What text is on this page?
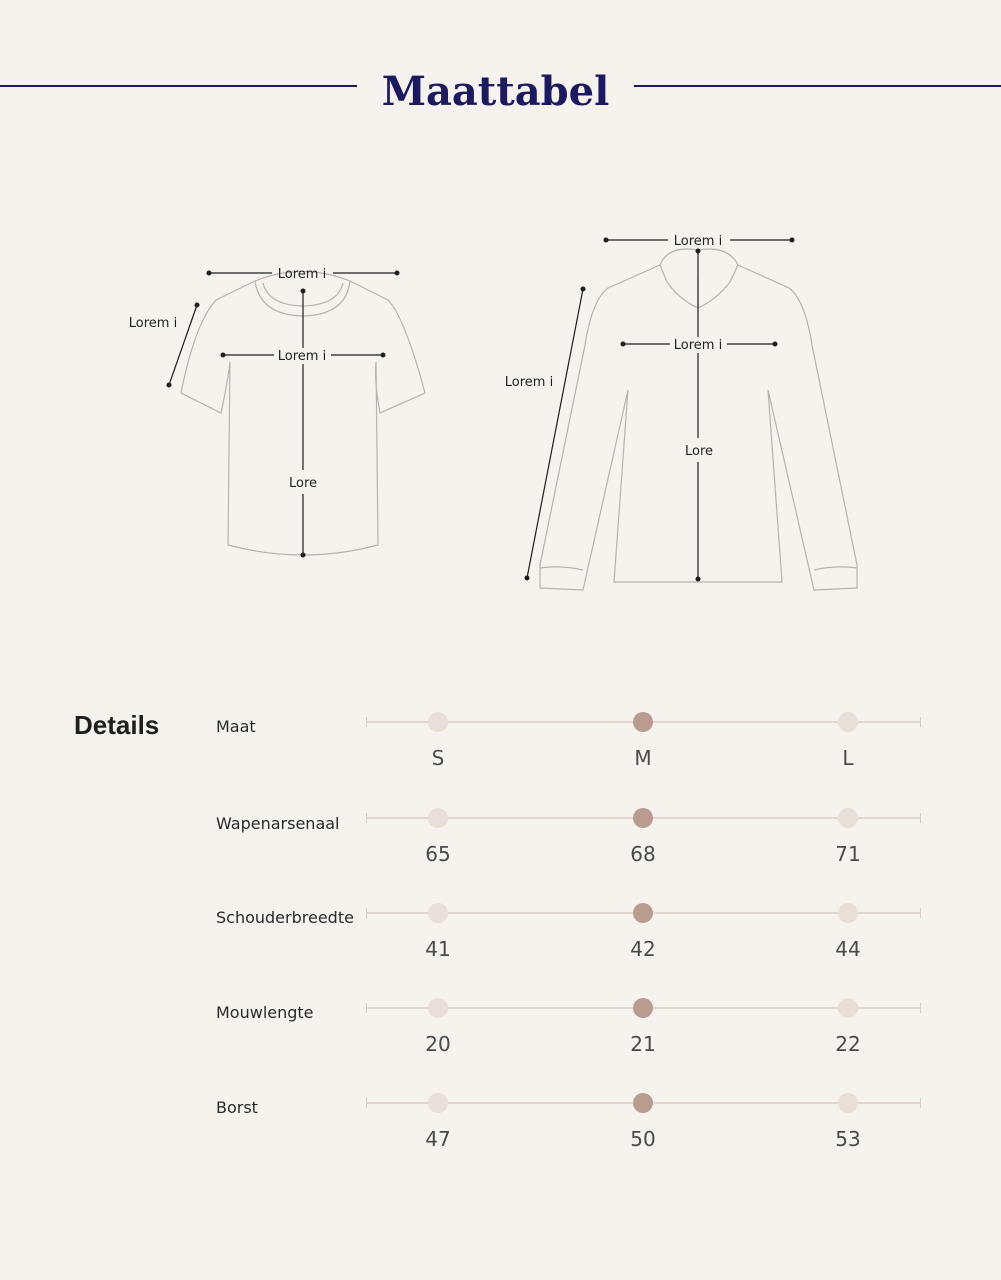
Maattabel
Lorem i
Lorem i
Lorem i
Lore
Lorem i
Lorem i
Lorem i
Lore
Details	Maat
S	M	L
Wapenarsenaal
65	68	71
Schouderbreedte
41	42	44
Mouwlengte
20	21	22
Borst
47	50	53
